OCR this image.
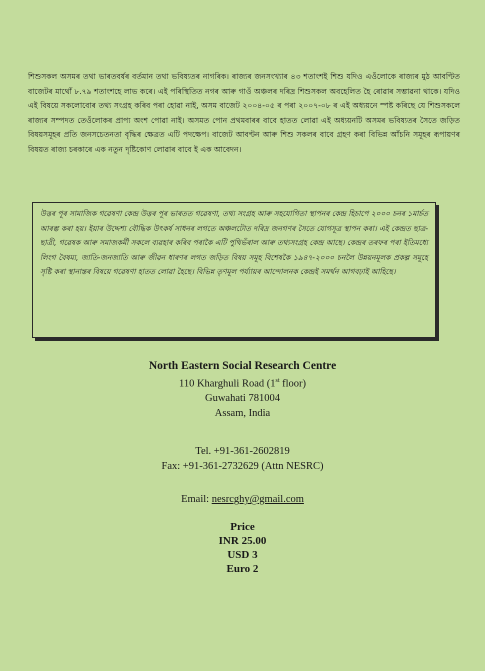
শিশুসকল অসমৰ তথা ভাৰতবৰ্ষৰ বৰ্তমান তথা ভবিষ্যতৰ নাগৰিক। ৰাজ্যৰ জনসংখ্যাৰ ৪৩ শতাংশই শিশু যদিও এওঁলোকে ৰাজ্যৰ মুঠ আবণ্টিত বাজেটৰ মাথোঁ ৮.৭৯ শতাংশহে লাভ কৰে। এই পৰিস্থিতিত নগৰ আৰু গাওঁ অঞ্চলৰ দৰিদ্ৰ শিশুসকল অবহেলিত হৈ ৰোৱাৰ সম্ভাৱনা থাকে। যদিও এই বিষয়ে সকলোবোৰ তথ্য সংগ্ৰহ কৰিব পৰা হোৱা নাই, অসম বাজেট ২০০৪-০৫ ৰ পৰা ২০০৭-০৮ ৰ এই অধ্যয়নে স্পষ্ট কৰিছে যে শিশুসকলে ৰাজ্যৰ সম্পদত তেওঁলোকৰ প্ৰাপ্য অংশ পোৱা নাই। অসমত পোন প্ৰথমবাৰৰ বাবে হাতত লোৱা এই অধ্যয়নটি অসমৰ ভবিষ্যতৰ সৈতে জড়িত বিষয়সমূহৰ প্ৰতি জনসচেতনতা বৃদ্ধিৰ ক্ষেত্ৰত এটি পদক্ষেপ। বাজেট আবণ্টন আৰু শিশু সকলৰ বাবে গ্ৰহণ কৰা বিভিন্ন আঁচনি সমূহৰ ৰূপায়ণৰ বিষয়ত ৰাজ্য চৰকাৰে এক নতুন দৃষ্টিকোণ লোৱাৰ বাবে ই এক আবেদন।

উত্তৰ পূৰ সামাজিক গৱেষণা কেন্দ্ৰ উত্তৰ পূৰ ভাৰতত গৱেষণা, তথ্য সংগ্ৰহ আৰু সহযোগিতা স্থাপনৰ কেন্দ্ৰ হিচাপে ২০০০ চনৰ ১মাৰ্চত আৰম্ভ কৰা হয়। ইয়াৰ উদ্দেশ্য বৌদ্ধিক উৎকৰ্ষ সাধনৰ লগতে অঞ্চলটোত দৰিদ্ৰ জনগণৰ সৈতে যোগসূত্ৰ স্থাপন কৰা। এই কেন্দ্ৰত ছাত্ৰ-ছাত্ৰী, গৱেষক আৰু সমাজকৰ্মী সকলে ব্যৱহাৰ কৰিব পৰাকৈ এটি পুথিভঁৰাল আৰু তথ্যসংগ্ৰহ কেন্দ্ৰ আছে। কেন্দ্ৰৰ তৰফৰ পৰা ইতিমধ্যে লিংগ বৈষম্য, জাতি-জনজাতি আৰু জীৱন ধাৰণৰ লগত জড়িত বিষয় সমূহ বিশেষকৈ ১৯৪৭-২০০০ চনলৈ উন্নয়নমূলক প্ৰকল্প সমূহে সৃষ্টি কৰা স্থানান্তৰ বিষয়ে গৱেষণা হাতত লোৱা হৈছে। বিভিন্ন তৃণমূল পৰ্য্যায়ৰ আন্দোলনক কেন্দ্ৰই সমৰ্থন আগবঢ়াই আহিছে।

North Eastern Social Research Centre
110 Kharghuli Road (1st floor)
Guwahati 781004
Assam, India
Tel. +91-361-2602819
Fax: +91-361-2732629 (Attn NESRC)
Email: nesrcghy@gmail.com
Price
INR 25.00
USD 3
Euro 2
